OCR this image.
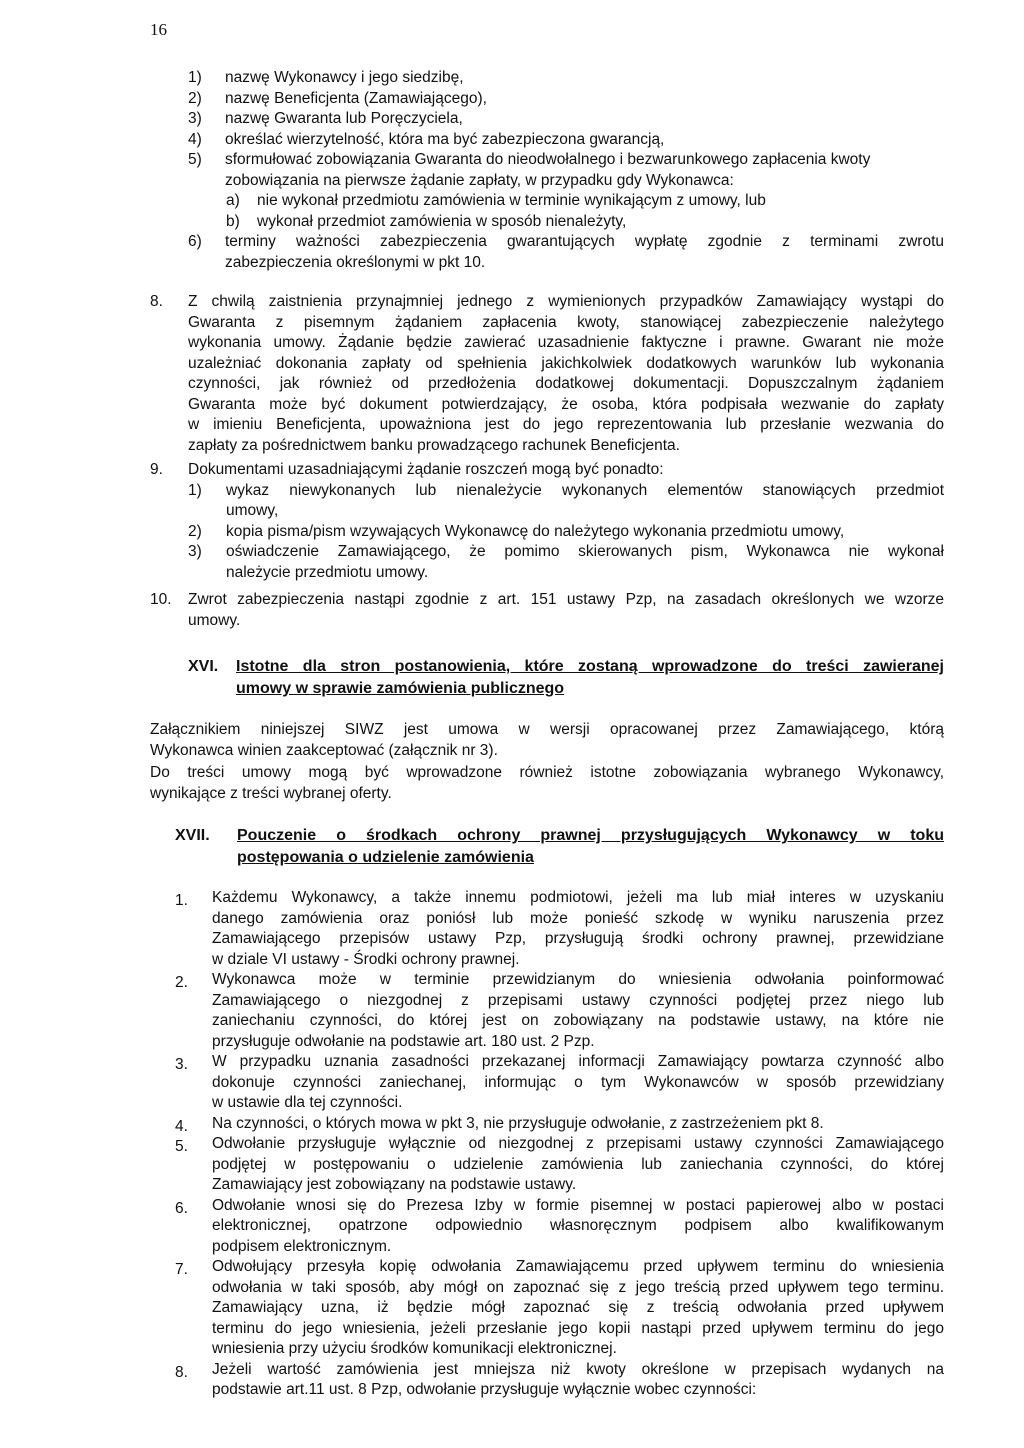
16
1) nazwę Wykonawcy i jego siedzibę,
2) nazwę Beneficjenta (Zamawiającego),
3) nazwę Gwaranta lub Poręczyciela,
4) określać wierzytelność, która ma być zabezpieczona gwarancją,
5) sformułować zobowiązania Gwaranta do nieodwołalnego i bezwarunkowego zapłacenia kwoty
zobowiązania na pierwsze żądanie zapłaty, w przypadku gdy Wykonawca:
a) nie wykonał przedmiotu zamówienia w terminie wynikającym z umowy, lub
b) wykonał przedmiot zamówienia w sposób nienależyty,
6) terminy ważności zabezpieczenia gwarantujących wypłatę zgodnie z terminami zwrotu
zabezpieczenia określonymi w pkt 10.
8. Z chwilą zaistnienia przynajmniej jednego z wymienionych przypadków Zamawiający wystąpi do
Gwaranta z pisemnym żądaniem zapłacenia kwoty, stanowiącej zabezpieczenie należytego
wykonania umowy. Żądanie będzie zawierać uzasadnienie faktyczne i prawne. Gwarant nie może
uzależniać dokonania zapłaty od spełnienia jakichkolwiek dodatkowych warunków lub wykonania
czynności, jak również od przedłożenia dodatkowej dokumentacji. Dopuszczalnym żądaniem
Gwaranta może być dokument potwierdzający, że osoba, która podpisała wezwanie do zapłaty
w imieniu Beneficjenta, upoważniona jest do jego reprezentowania lub przesłanie wezwania do
zapłaty za pośrednictwem banku prowadzącego rachunek Beneficjenta.
9. Dokumentami uzasadniającymi żądanie roszczeń mogą być ponadto:
1) wykaz niewykonanych lub nienależycie wykonanych elementów stanowiących przedmiot
umowy,
2) kopia pisma/pism wzywających Wykonawcę do należytego wykonania przedmiotu umowy,
3) oświadczenie Zamawiającego, że pomimo skierowanych pism, Wykonawca nie wykonał
należycie przedmiotu umowy.
10. Zwrot zabezpieczenia nastąpi zgodnie z art. 151 ustawy Pzp, na zasadach określonych we wzorze
umowy.
XVI. Istotne dla stron postanowienia, które zostaną wprowadzone do treści zawieranej
umowy w sprawie zamówienia publicznego
Załącznikiem niniejszej SIWZ jest umowa w wersji opracowanej przez Zamawiającego, którą
Wykonawca winien zaakceptować (załącznik nr 3).
Do treści umowy mogą być wprowadzone również istotne zobowiązania wybranego Wykonawcy,
wynikające z treści wybranej oferty.
XVII. Pouczenie o środkach ochrony prawnej przysługujących Wykonawcy w toku
postępowania o udzielenie zamówienia
1. Każdemu Wykonawcy, a także innemu podmiotowi, jeżeli ma lub miał interes w uzyskaniu
danego zamówienia oraz poniósł lub może ponieść szkodę w wyniku naruszenia przez
Zamawiającego przepisów ustawy Pzp, przysługują środki ochrony prawnej, przewidziane
w dziale VI ustawy - Środki ochrony prawnej.
2. Wykonawca może w terminie przewidzianym do wniesienia odwołania poinformować
Zamawiającego o niezgodnej z przepisami ustawy czynności podjętej przez niego lub
zaniechaniu czynności, do której jest on zobowiązany na podstawie ustawy, na które nie
przysługuje odwołanie na podstawie art. 180 ust. 2 Pzp.
3. W przypadku uznania zasadności przekazanej informacji Zamawiający powtarza czynność albo
dokonuje czynności zaniechanej, informując o tym Wykonawców w sposób przewidziany
w ustawie dla tej czynności.
4. Na czynności, o których mowa w pkt 3, nie przysługuje odwołanie, z zastrzeżeniem pkt 8.
5. Odwołanie przysługuje wyłącznie od niezgodnej z przepisami ustawy czynności Zamawiającego
podjętej w postępowaniu o udzielenie zamówienia lub zaniechania czynności, do której
Zamawiający jest zobowiązany na podstawie ustawy.
6. Odwołanie wnosi się do Prezesa Izby w formie pisemnej w postaci papierowej albo w postaci
elektronicznej, opatrzone odpowiednio własnoręcznym podpisem albo kwalifikowanym
podpisem elektronicznym.
7. Odwołujący przesyła kopię odwołania Zamawiającemu przed upływem terminu do wniesienia
odwołania w taki sposób, aby mógł on zapoznać się z jego treścią przed upływem tego terminu.
Zamawiający uzna, iż będzie mógł zapoznać się z treścią odwołania przed upływem
terminu do jego wniesienia, jeżeli przesłanie jego kopii nastąpi przed upływem terminu do jego
wniesienia przy użyciu środków komunikacji elektronicznej.
8. Jeżeli wartość zamówienia jest mniejsza niż kwoty określone w przepisach wydanych na
podstawie art.11 ust. 8 Pzp, odwołanie przysługuje wyłącznie wobec czynności:
